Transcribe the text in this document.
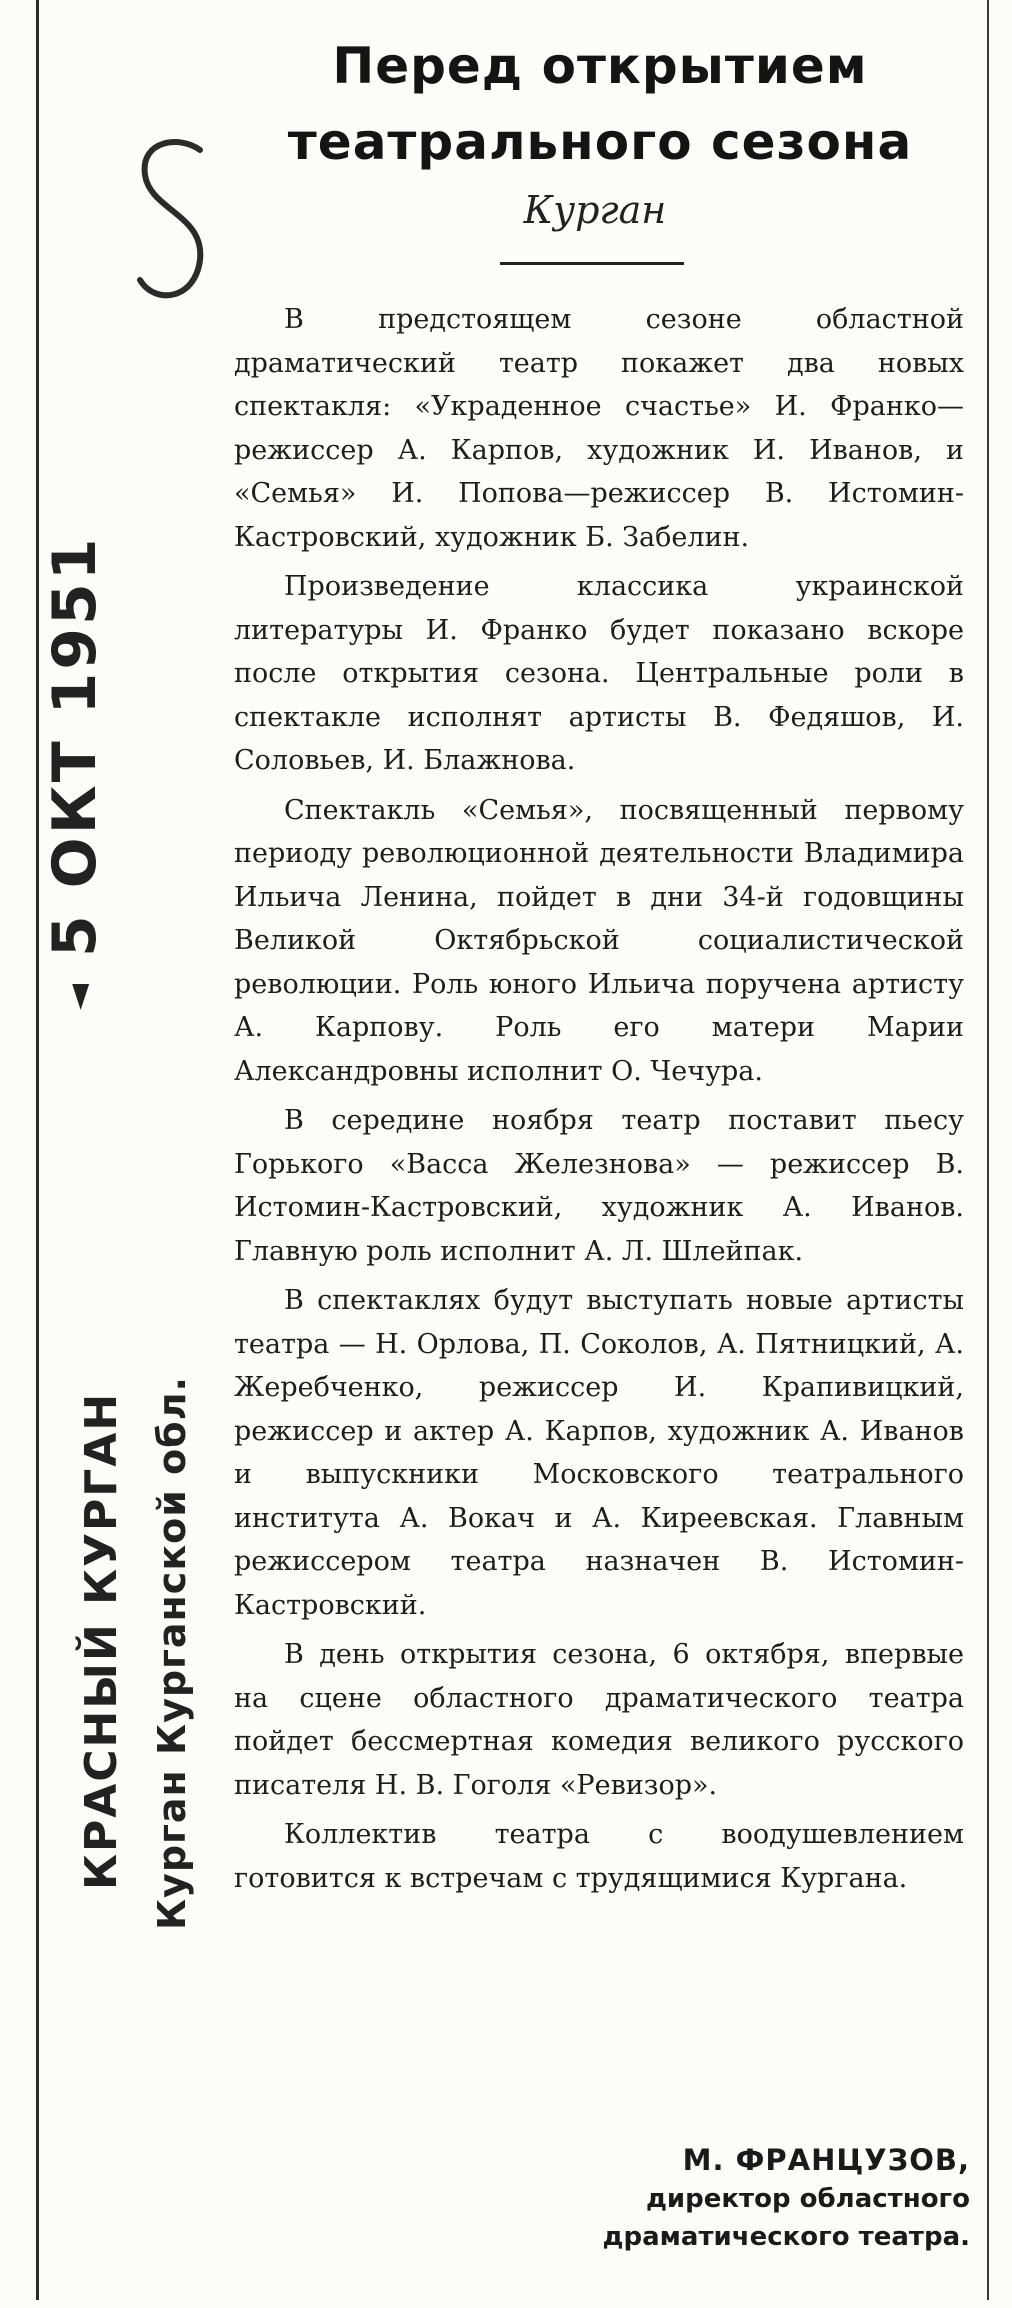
Перед открытием
театрального сезона
Курган

В предстоящем сезоне областной драматический театр покажет два новых спектакля: «Украденное счастье» И. Франко—режиссер А. Карпов, художник И. Иванов, и «Семья» И. Попова—режиссер В. Истомин-Кастровский, художник Б. Забелин.

Произведение классика украинской литературы И. Франко будет показано вскоре после открытия сезона. Центральные роли в спектакле исполнят артисты В. Федяшов, И. Соловьев, И. Блажнова.

Спектакль «Семья», посвященный первому периоду революционной деятельности Владимира Ильича Ленина, пойдет в дни 34-й годовщины Великой Октябрьской социалистической революции. Роль юного Ильича поручена артисту А. Карпову. Роль его матери Марии Александровны исполнит О. Чечура.

В середине ноября театр поставит пьесу Горького «Васса Железнова» — режиссер В. Истомин-Кастровский, художник А. Иванов. Главную роль исполнит А. Л. Шлейпак.

В спектаклях будут выступать новые артисты театра — Н. Орлова, П. Соколов, А. Пятницкий, А. Жеребченко, режиссер И. Крапивицкий, режиссер и актер А. Карпов, художник А. Иванов и выпускники Московского театрального института А. Вокач и А. Киреевская. Главным режиссером театра назначен В. Истомин-Кастровский.

В день открытия сезона, 6 октября, впервые на сцене областного драматического театра пойдет бессмертная комедия великого русского писателя Н. В. Гоголя «Ревизор».

Коллектив театра с воодушевлением готовится к встречам с трудящимися Кургана.

М. ФРАНЦУЗОВ,
директор областного
драматического театра.
◄ 5 ОКТ 1951
КРАСНЫЙ КУРГАН Курган Курганской обл.
